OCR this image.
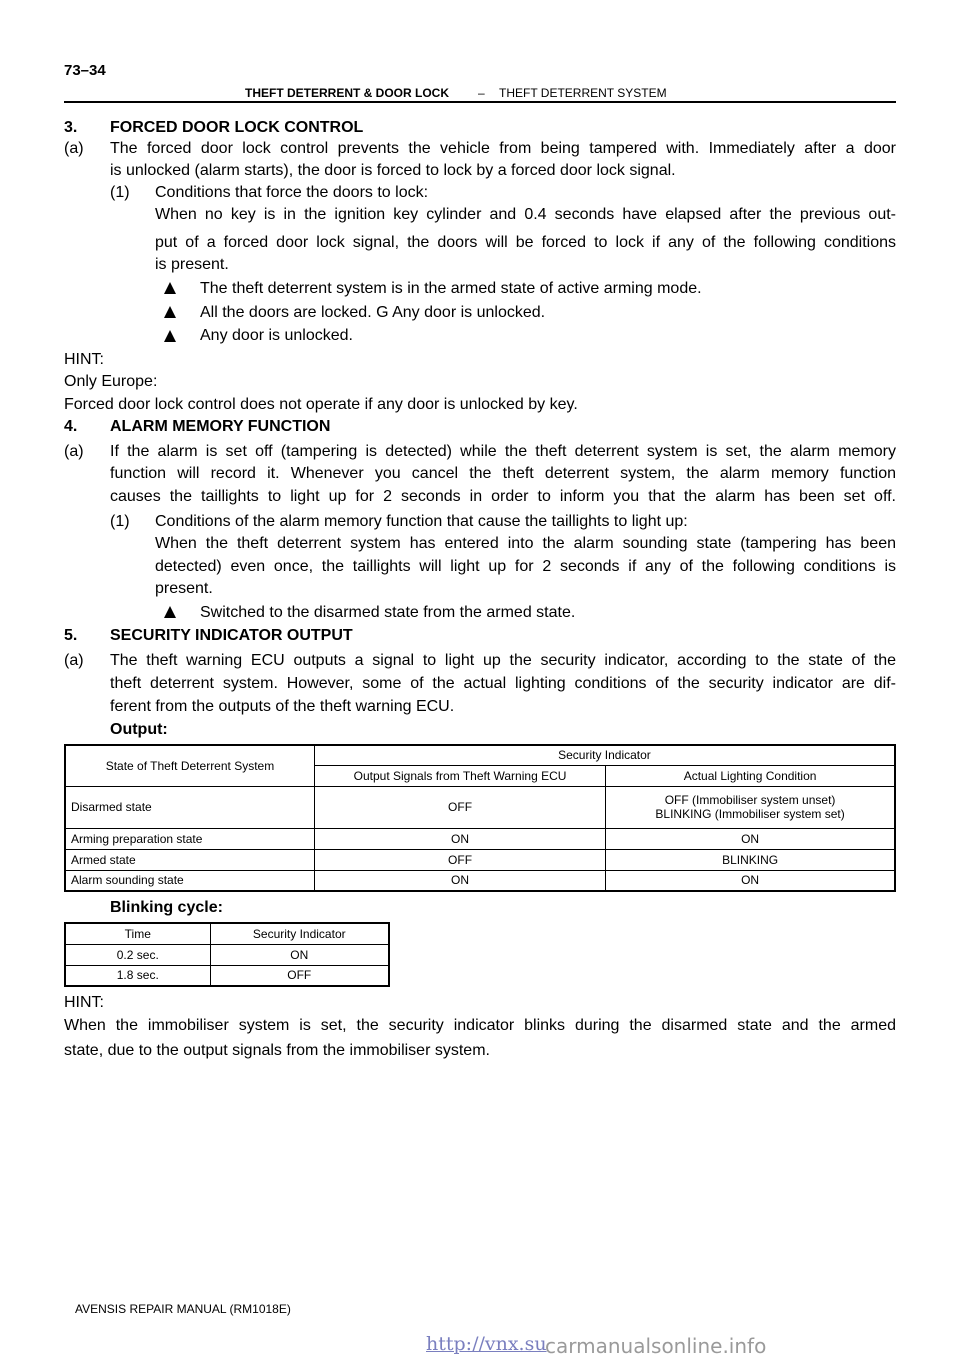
73–34
THEFT DETERRENT & DOOR LOCK – THEFT DETERRENT SYSTEM
3. FORCED DOOR LOCK CONTROL
(a) The forced door lock control prevents the vehicle from being tampered with. Immediately after a door
is unlocked (alarm starts), the door is forced to lock by a forced door lock signal.
(1) Conditions that force the doors to lock:
When no key is in the ignition key cylinder and 0.4 seconds have elapsed after the previous out-
put of a forced door lock signal, the doors will be forced to lock if any of the following conditions
is present.
The theft deterrent system is in the armed state of active arming mode.
All the doors are locked. G Any door is unlocked.
Any door is unlocked.
HINT:
Only Europe:
Forced door lock control does not operate if any door is unlocked by key.
4. ALARM MEMORY FUNCTION
(a) If the alarm is set off (tampering is detected) while the theft deterrent system is set, the alarm memory
function will record it. Whenever you cancel the theft deterrent system, the alarm memory function
causes the taillights to light up for 2 seconds in order to inform you that the alarm has been set off.
(1) Conditions of the alarm memory function that cause the taillights to light up:
When the theft deterrent system has entered into the alarm sounding state (tampering has been
detected) even once, the taillights will light up for 2 seconds if any of the following conditions is
present.
Switched to the disarmed state from the armed state.
5. SECURITY INDICATOR OUTPUT
(a) The theft warning ECU outputs a signal to light up the security indicator, according to the state of the
theft deterrent system. However, some of the actual lighting conditions of the security indicator are dif-
ferent from the outputs of the theft warning ECU.
Output:
State of Theft Deterrent System	Security Indicator	
	Output Signals from Theft Warning ECU	Actual Lighting Condition
Disarmed state	OFF	OFF (Immobiliser system unset)
BLINKING (Immobiliser system set)

Arming preparation state	ON	ON
Armed state	OFF	BLINKING
Alarm sounding state	ON	ON
Blinking cycle:
Time	Security Indicator
0.2 sec.	ON
1.8 sec.	OFF
HINT:
When the immobiliser system is set, the security indicator blinks during the disarmed state and the armed
state, due to the output signals from the immobiliser system.
AVENSIS REPAIR MANUAL (RM1018E)
http://vnx.su
carmanualsonline.info
